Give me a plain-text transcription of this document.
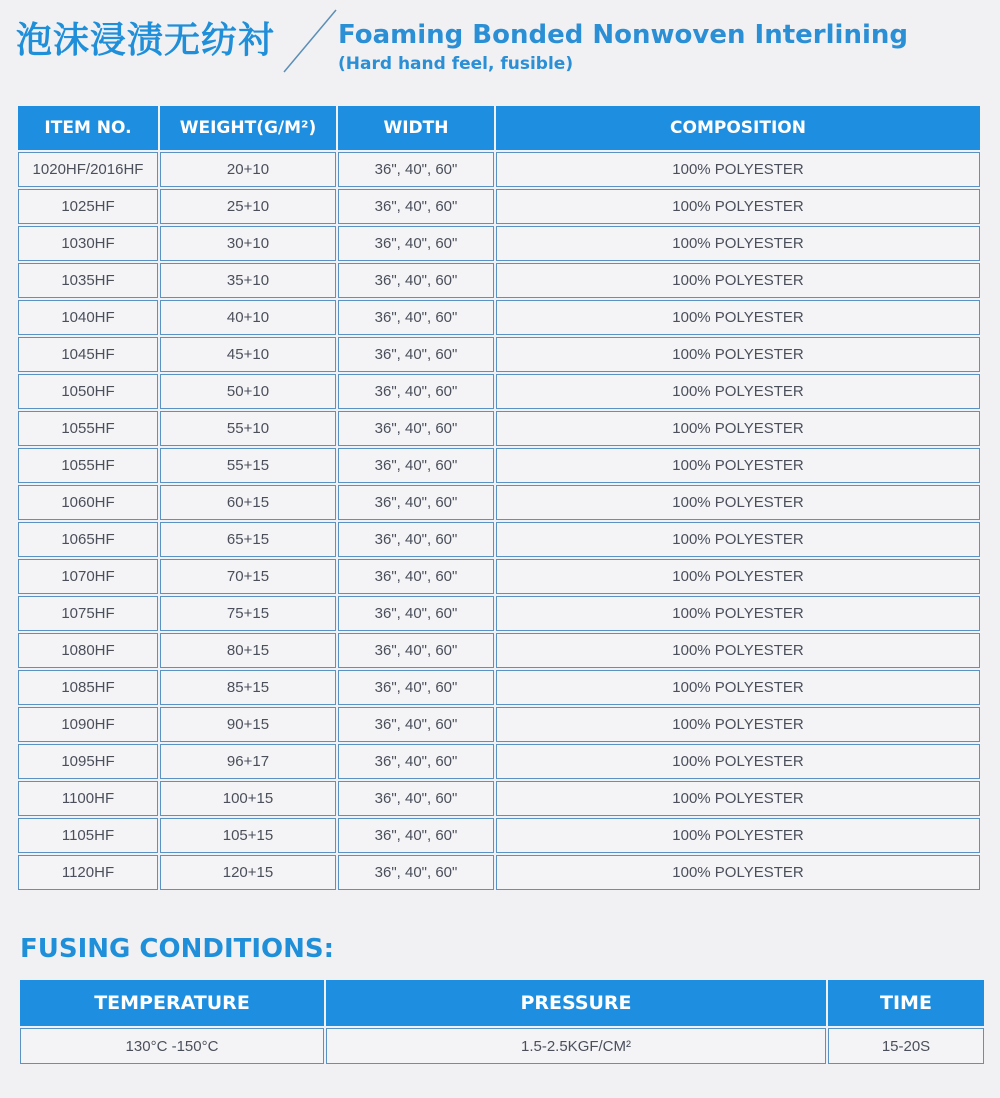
泡沫浸渍无纺衬 Foaming Bonded Nonwoven Interlining
(Hard hand feel, fusible)
ITEM NO.	WEIGHT(G/M²)	WIDTH	COMPOSITION
1020HF/2016HF	20+10	36", 40", 60"	100% POLYESTER
1025HF	25+10	36", 40", 60"	100% POLYESTER
1030HF	30+10	36", 40", 60"	100% POLYESTER
1035HF	35+10	36", 40", 60"	100% POLYESTER
1040HF	40+10	36", 40", 60"	100% POLYESTER
1045HF	45+10	36", 40", 60"	100% POLYESTER
1050HF	50+10	36", 40", 60"	100% POLYESTER
1055HF	55+10	36", 40", 60"	100% POLYESTER
1055HF	55+15	36", 40", 60"	100% POLYESTER
1060HF	60+15	36", 40", 60"	100% POLYESTER
1065HF	65+15	36", 40", 60"	100% POLYESTER
1070HF	70+15	36", 40", 60"	100% POLYESTER
1075HF	75+15	36", 40", 60"	100% POLYESTER
1080HF	80+15	36", 40", 60"	100% POLYESTER
1085HF	85+15	36", 40", 60"	100% POLYESTER
1090HF	90+15	36", 40", 60"	100% POLYESTER
1095HF	96+17	36", 40", 60"	100% POLYESTER
1100HF	100+15	36", 40", 60"	100% POLYESTER
1105HF	105+15	36", 40", 60"	100% POLYESTER
1120HF	120+15	36", 40", 60"	100% POLYESTER
FUSING CONDITIONS:
TEMPERATURE	PRESSURE	TIME
130°C -150°C	1.5-2.5KGF/CM²	15-20S
